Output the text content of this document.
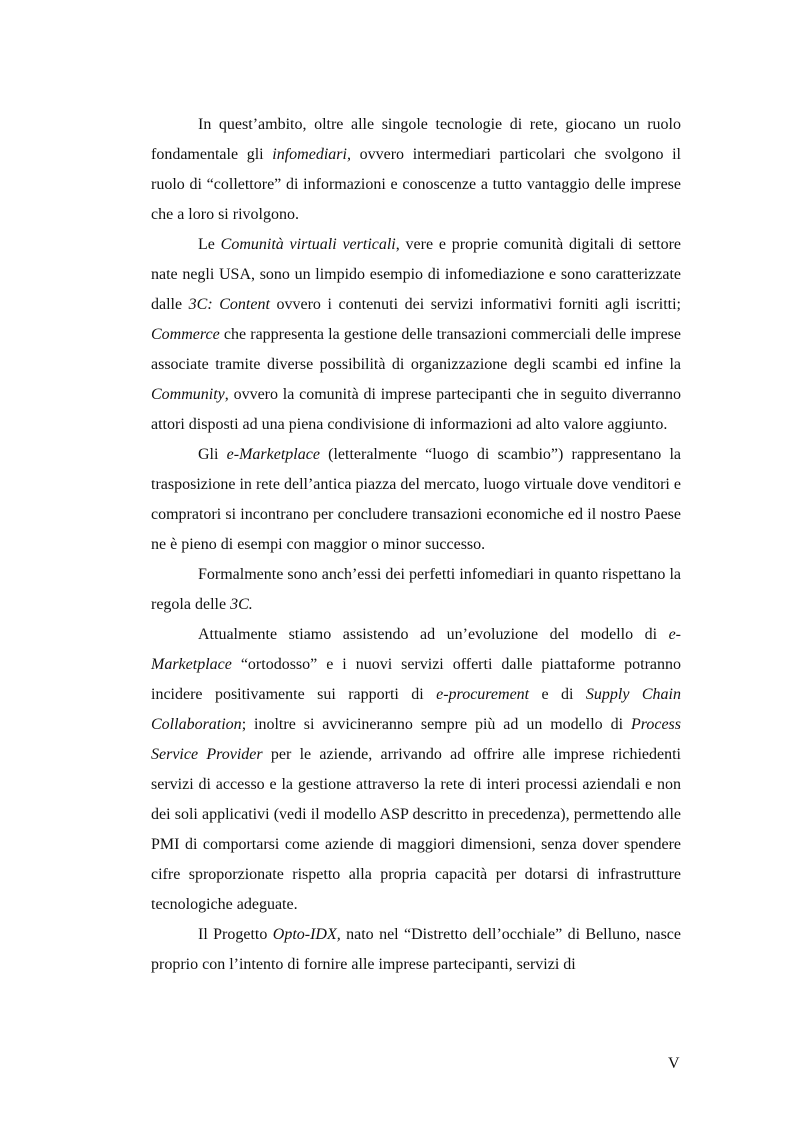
In quest’ambito, oltre alle singole tecnologie di rete, giocano un ruolo fondamentale gli infomediari, ovvero intermediari particolari che svolgono il ruolo di “collettore” di informazioni e conoscenze a tutto vantaggio delle imprese che a loro si rivolgono.

Le Comunità virtuali verticali, vere e proprie comunità digitali di settore nate negli USA, sono un limpido esempio di infomediazione e sono caratterizzate dalle 3C: Content ovvero i contenuti dei servizi informativi forniti agli iscritti; Commerce che rappresenta la gestione delle transazioni commerciali delle imprese associate tramite diverse possibilità di organizzazione degli scambi ed infine la Community, ovvero la comunità di imprese partecipanti che in seguito diverranno attori disposti ad una piena condivisione di informazioni ad alto valore aggiunto.

Gli e-Marketplace (letteralmente “luogo di scambio”) rappresentano la trasposizione in rete dell’antica piazza del mercato, luogo virtuale dove venditori e compratori si incontrano per concludere transazioni economiche ed il nostro Paese ne è pieno di esempi con maggior o minor successo.

Formalmente sono anch’essi dei perfetti infomediari in quanto rispettano la regola delle 3C.

Attualmente stiamo assistendo ad un’evoluzione del modello di e-Marketplace “ortodosso” e i nuovi servizi offerti dalle piattaforme potranno incidere positivamente sui rapporti di e-procurement e di Supply Chain Collaboration; inoltre si avvicineranno sempre più ad un modello di Process Service Provider per le aziende, arrivando ad offrire alle imprese richiedenti servizi di accesso e la gestione attraverso la rete di interi processi aziendali e non dei soli applicativi (vedi il modello ASP descritto in precedenza), permettendo alle PMI di comportarsi come aziende di maggiori dimensioni, senza dover spendere cifre sproporzionate rispetto alla propria capacità per dotarsi di infrastrutture tecnologiche adeguate.

Il Progetto Opto-IDX, nato nel “Distretto dell’occhiale” di Belluno, nasce proprio con l’intento di fornire alle imprese partecipanti, servizi di

V
